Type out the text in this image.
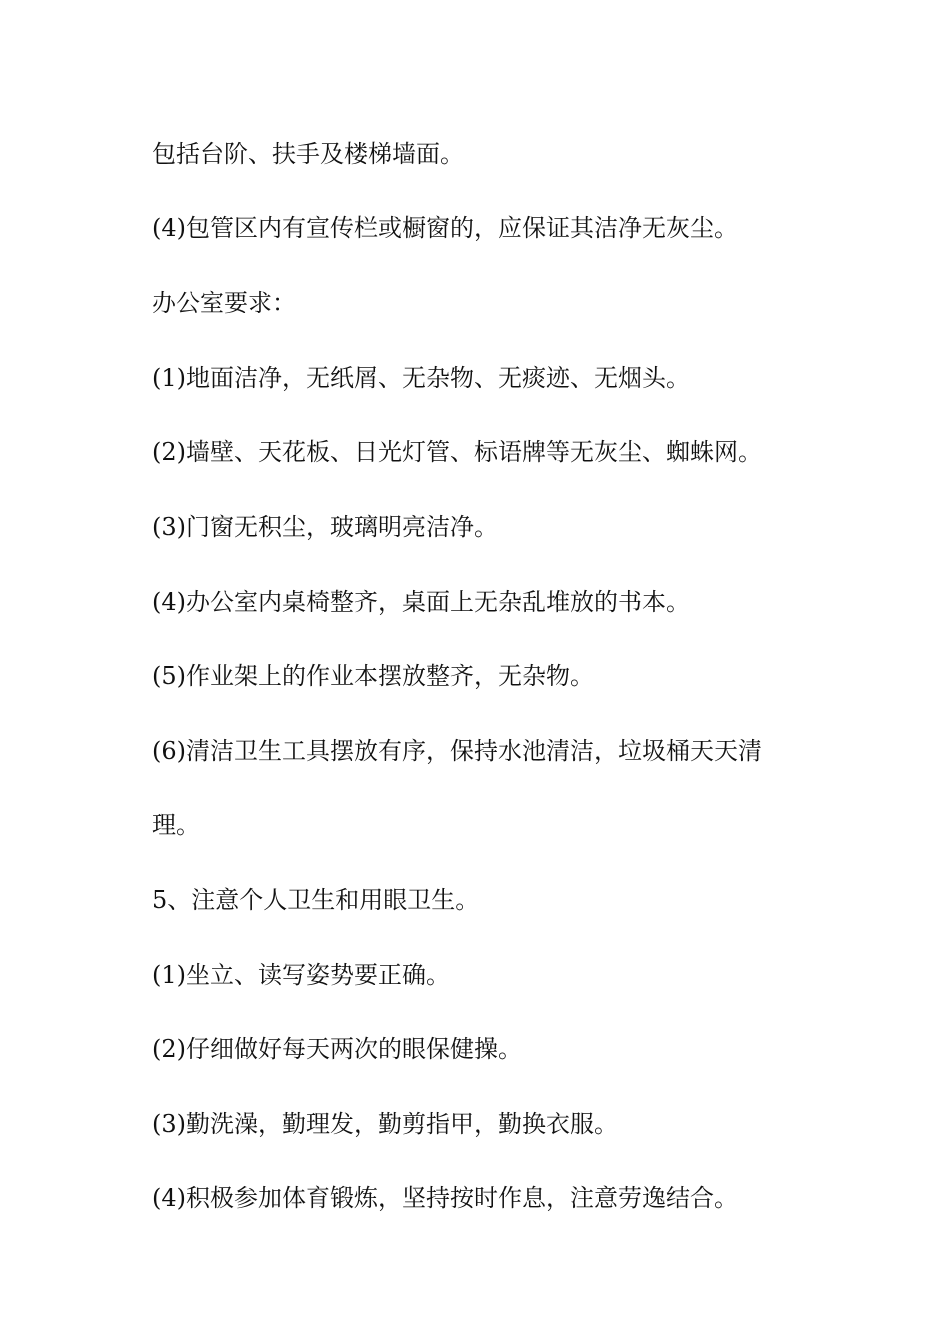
包括台阶、扶手及楼梯墙面。
(4)包管区内有宣传栏或橱窗的，应保证其洁净无灰尘。
办公室要求：
(1)地面洁净，无纸屑、无杂物、无痰迹、无烟头。
(2)墙壁、天花板、日光灯管、标语牌等无灰尘、蜘蛛网。
(3)门窗无积尘，玻璃明亮洁净。
(4)办公室内桌椅整齐，桌面上无杂乱堆放的书本。
(5)作业架上的作业本摆放整齐，无杂物。
(6)清洁卫生工具摆放有序，保持水池清洁，垃圾桶天天清
理。
5、注意个人卫生和用眼卫生。
(1)坐立、读写姿势要正确。
(2)仔细做好每天两次的眼保健操。
(3)勤洗澡，勤理发，勤剪指甲，勤换衣服。
(4)积极参加体育锻炼，坚持按时作息，注意劳逸结合。
